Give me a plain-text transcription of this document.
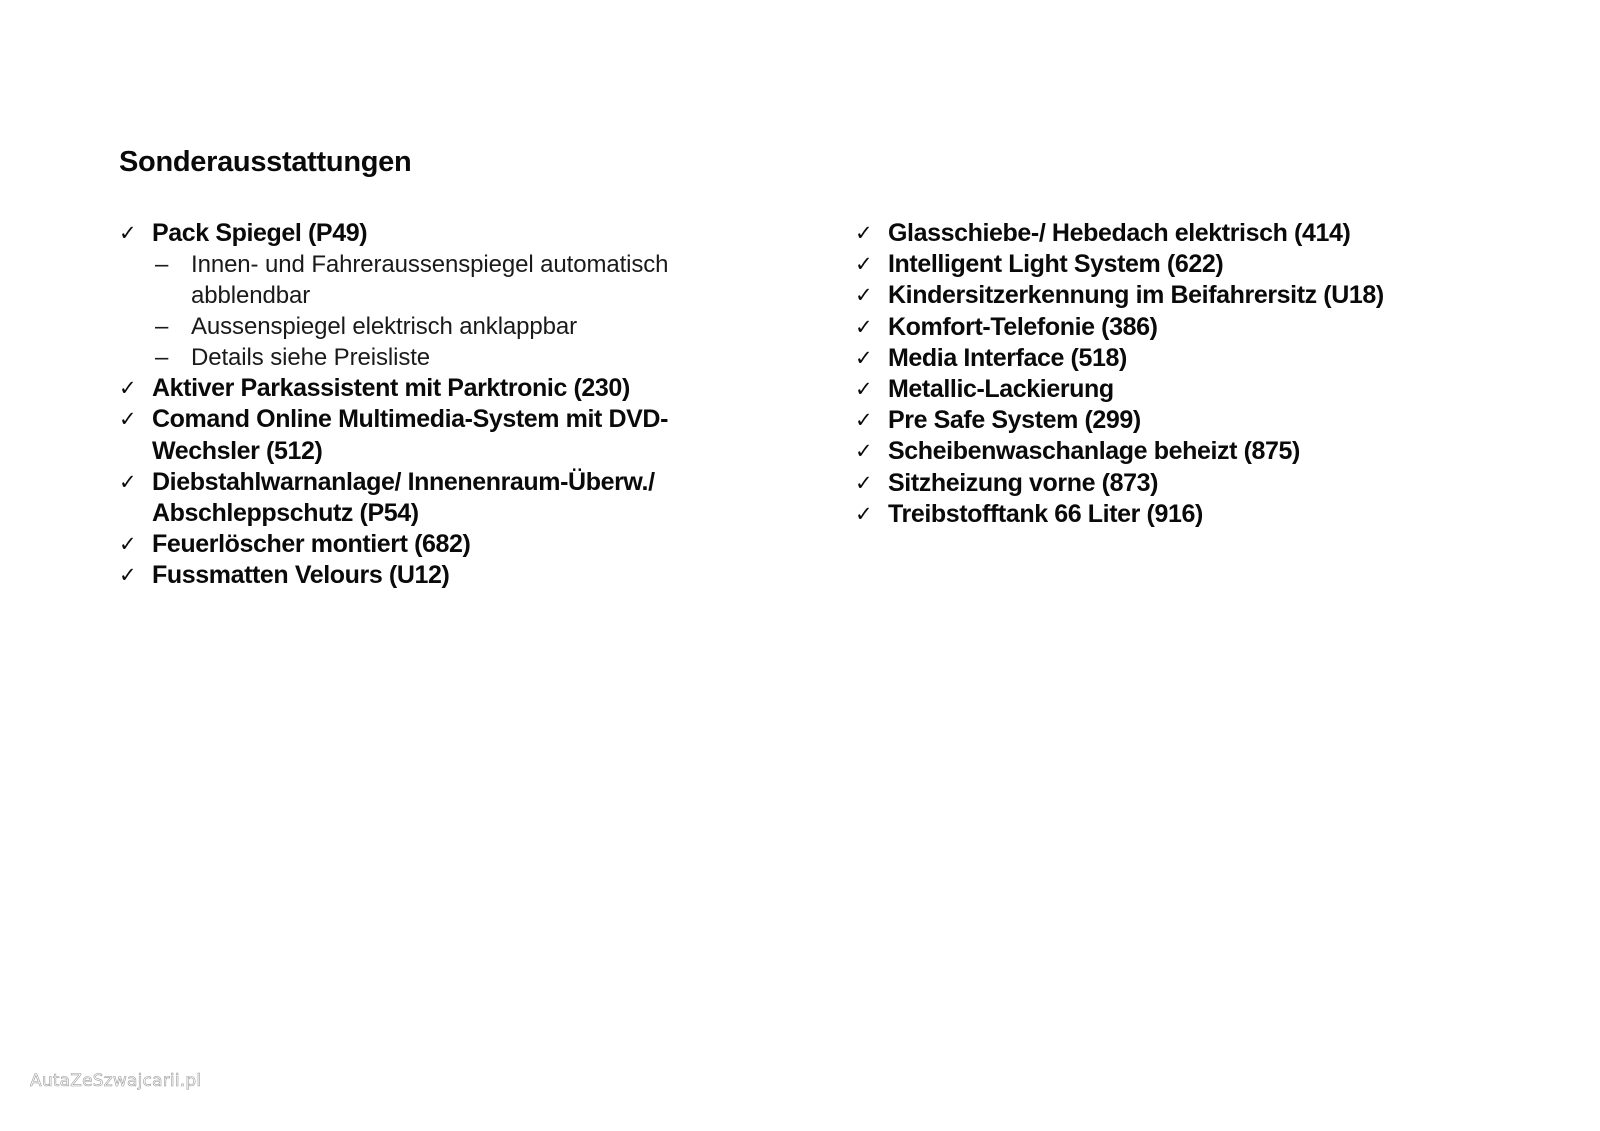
Sonderausstattungen
✓ Pack Spiegel (P49)
– Innen- und Fahreraussenspiegel automatisch abblendbar
– Aussenspiegel elektrisch anklappbar
– Details siehe Preisliste
✓ Aktiver Parkassistent mit Parktronic (230)
✓ Comand Online Multimedia-System mit DVD-Wechsler (512)
✓ Diebstahlwarnanlage/ Innenenraum-Überw./ Abschleppschutz (P54)
✓ Feuerlöscher montiert (682)
✓ Fussmatten Velours (U12)
✓ Glasschiebe-/ Hebedach elektrisch (414)
✓ Intelligent Light System (622)
✓ Kindersitzerkennung im Beifahrersitz (U18)
✓ Komfort-Telefonie (386)
✓ Media Interface (518)
✓ Metallic-Lackierung
✓ Pre Safe System (299)
✓ Scheibenwaschanlage beheizt (875)
✓ Sitzheizung vorne (873)
✓ Treibstofftank 66 Liter (916)
AutaZeSzwajcarii.pl
